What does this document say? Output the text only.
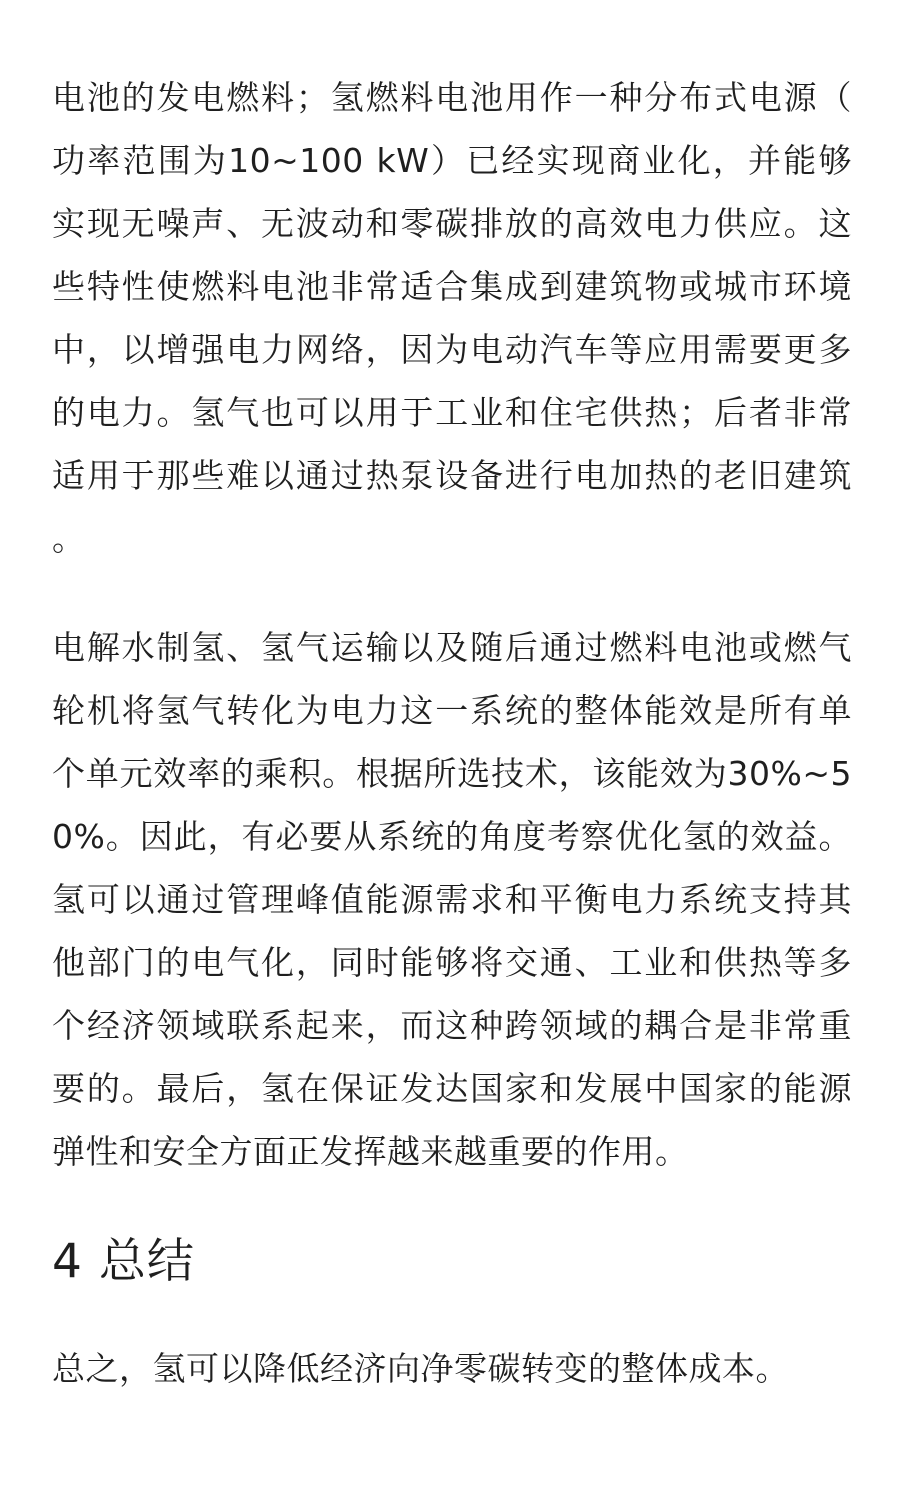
电池的发电燃料；氢燃料电池用作一种分布式电源（功率范围为10~100 kW）已经实现商业化，并能够实现无噪声、无波动和零碳排放的高效电力供应。这些特性使燃料电池非常适合集成到建筑物或城市环境中，以增强电力网络，因为电动汽车等应用需要更多的电力。氢气也可以用于工业和住宅供热；后者非常适用于那些难以通过热泵设备进行电加热的老旧建筑。

电解水制氢、氢气运输以及随后通过燃料电池或燃气轮机将氢气转化为电力这一系统的整体能效是所有单个单元效率的乘积。根据所选技术，该能效为30%~50%。因此，有必要从系统的角度考察优化氢的效益。氢可以通过管理峰值能源需求和平衡电力系统支持其他部门的电气化，同时能够将交通、工业和供热等多个经济领域联系起来，而这种跨领域的耦合是非常重要的。最后，氢在保证发达国家和发展中国家的能源弹性和安全方面正发挥越来越重要的作用。

4 总结

总之，氢可以降低经济向净零碳转变的整体成本。
